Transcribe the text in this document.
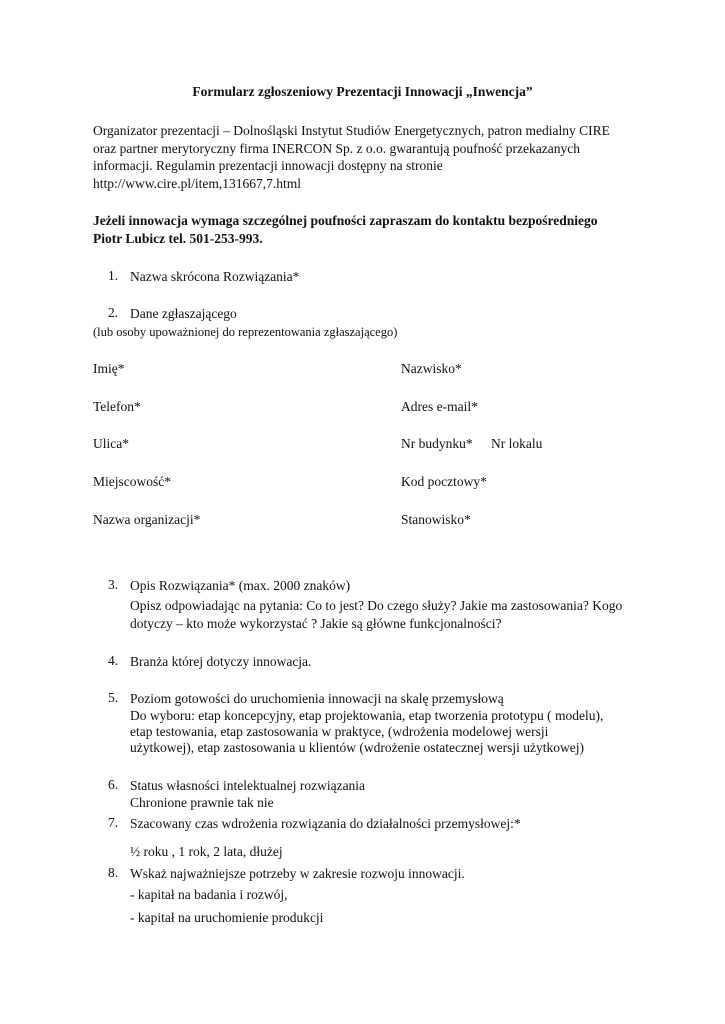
Formularz zgłoszeniowy Prezentacji Innowacji „Inwencja”
Organizator prezentacji – Dolnośląski Instytut Studiów Energetycznych, patron medialny CIRE
oraz partner merytoryczny firma INERCON Sp. z o.o. gwarantują poufność przekazanych
informacji. Regulamin prezentacji innowacji dostępny na stronie
http://www.cire.pl/item,131667,7.html
Jeżeli innowacja wymaga szczególnej poufności zapraszam do kontaktu bezpośredniego
Piotr Lubicz tel. 501-253-993.
1. Nazwa skrócona Rozwiązania*
2. Dane zgłaszającego
(lub osoby upoważnionej do reprezentowania zgłaszającego)
Imię*	Nazwisko*
Telefon*	Adres e-mail*
Ulica*	Nr budynku* Nr lokalu
Miejscowość*	Kod pocztowy*
Nazwa organizacji*	Stanowisko*
3. Opis Rozwiązania* (max. 2000 znaków)
Opisz odpowiadając na pytania: Co to jest? Do czego służy? Jakie ma zastosowania? Kogo
dotyczy – kto może wykorzystać ? Jakie są główne funkcjonalności?
4. Branża której dotyczy innowacja.
5. Poziom gotowości do uruchomienia innowacji na skalę przemysłową
Do wyboru: etap koncepcyjny, etap projektowania, etap tworzenia prototypu ( modelu),
etap testowania, etap zastosowania w praktyce, (wdrożenia modelowej wersji
użytkowej), etap zastosowania u klientów (wdrożenie ostatecznej wersji użytkowej)
6. Status własności intelektualnej rozwiązania
Chronione prawnie tak nie
7. Szacowany czas wdrożenia rozwiązania do działalności przemysłowej:*
½ roku , 1 rok, 2 lata, dłużej
8. Wskaż najważniejsze potrzeby w zakresie rozwoju innowacji.
- kapitał na badania i rozwój,
- kapitał na uruchomienie produkcji
